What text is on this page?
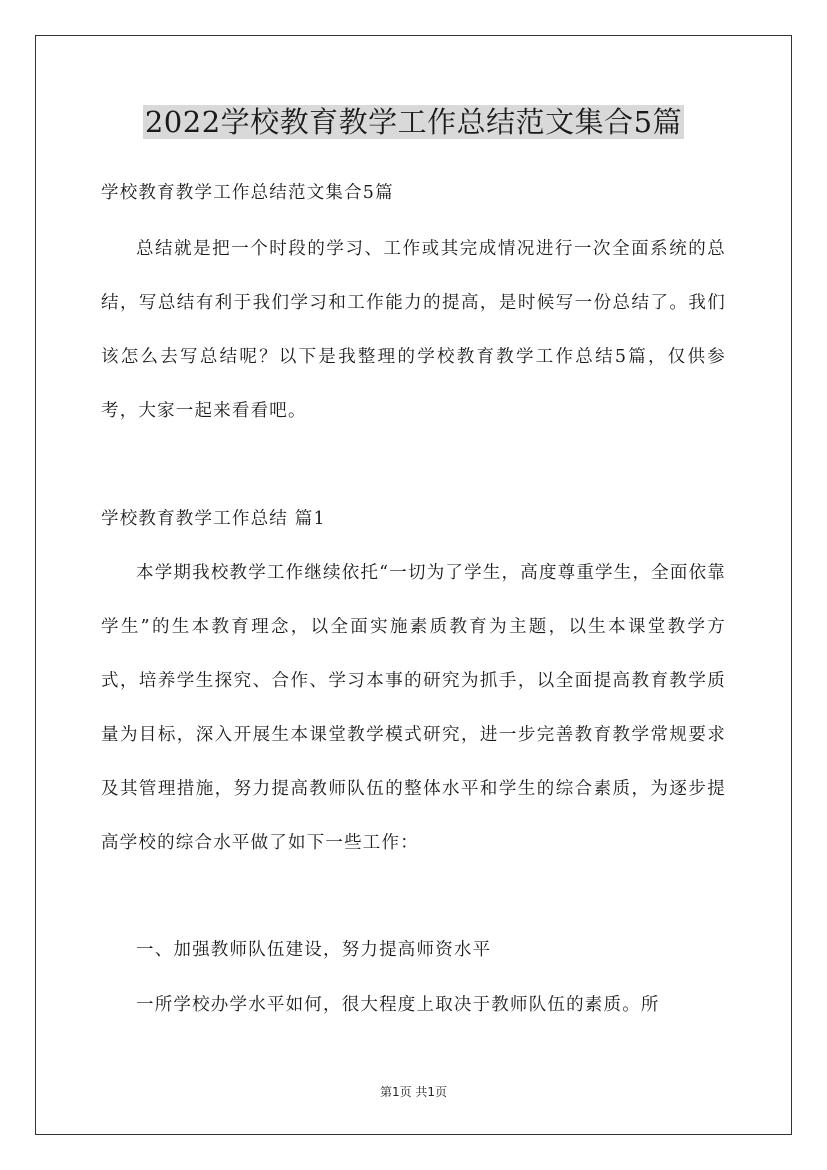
2022学校教育教学工作总结范文集合5篇
学校教育教学工作总结范文集合5篇

总结就是把一个时段的学习、工作或其完成情况进行一次全面系统的总结，写总结有利于我们学习和工作能力的提高，是时候写一份总结了。我们该怎么去写总结呢？以下是我整理的学校教育教学工作总结5篇，仅供参考，大家一起来看看吧。

学校教育教学工作总结 篇1

本学期我校教学工作继续依托“一切为了学生，高度尊重学生，全面依靠学生”的生本教育理念，以全面实施素质教育为主题，以生本课堂教学方式，培养学生探究、合作、学习本事的研究为抓手，以全面提高教育教学质量为目标，深入开展生本课堂教学模式研究，进一步完善教育教学常规要求及其管理措施，努力提高教师队伍的整体水平和学生的综合素质，为逐步提高学校的综合水平做了如下一些工作：

一、加强教师队伍建设，努力提高师资水平

一所学校办学水平如何，很大程度上取决于教师队伍的素质。所

第1页 共1页
